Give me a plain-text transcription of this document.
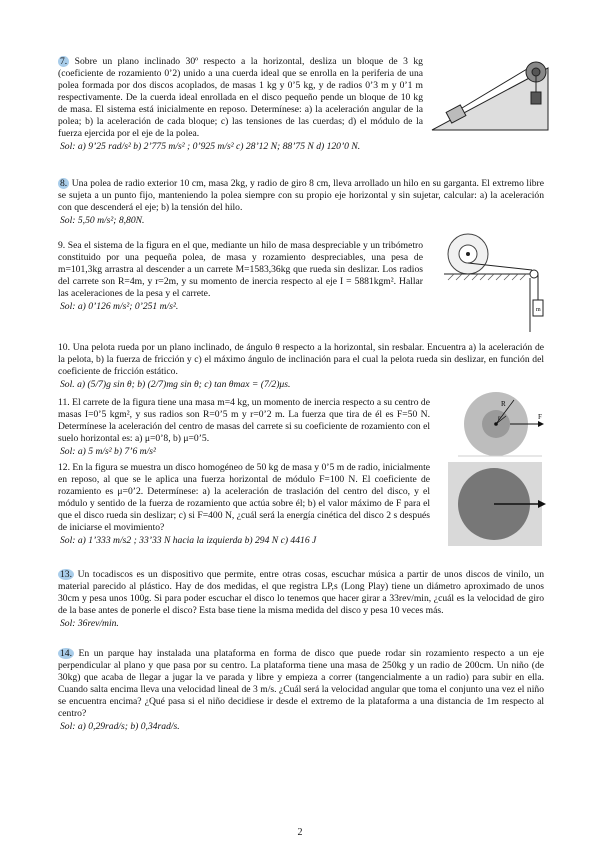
7. Sobre un plano inclinado 30º respecto a la horizontal, desliza un bloque de 3 kg (coeficiente de rozamiento 0’2) unido a una cuerda ideal que se enrolla en la periferia de una polea formada por dos discos acoplados, de masas 1 kg y 0’5 kg, y de radios 0’3 m y 0’1 m respectivamente. De la cuerda ideal enrollada en el disco pequeño pende un bloque de 10 kg de masa. El sistema está inicialmente en reposo. Determínese: a) la aceleración angular de la polea; b) la aceleración de cada bloque; c) las tensiones de las cuerdas; d) el módulo de la fuerza ejercida por el eje de la polea.

Sol: a) 9’25 rad/s² b) 2’775 m/s² ; 0’925 m/s² c) 28’12 N; 88’75 N d) 120’0 N.

8. Una polea de radio exterior 10 cm, masa 2kg, y radio de giro 8 cm, lleva arrollado un hilo en su garganta. El extremo libre se sujeta a un punto fijo, manteniendo la polea siempre con su propio eje horizontal y sin sujetar, calcular: a) la aceleración con que descenderá el eje; b) la tensión del hilo.

Sol: 5,50 m/s²; 8,80N.

9. Sea el sistema de la figura en el que, mediante un hilo de masa despreciable y un tribómetro constituido por una pequeña polea, de masa y rozamiento despreciables, una pesa de m=101,3kg arrastra al descender a un carrete M=1583,36kg que rueda sin deslizar. Los radios del carrete son R=4m, y r=2m, y su momento de inercia respecto al eje I = 5881kgm². Hallar las aceleraciones de la pesa y el carrete.

Sol: a) 0’126 m/s²; 0’251 m/s².	m

10. Una pelota rueda por un plano inclinado, de ángulo θ respecto a la horizontal, sin resbalar. Encuentra a) la aceleración de la pelota, b) la fuerza de fricción y c) el máximo ángulo de inclinación para el cual la pelota rueda sin deslizar, en función del coeficiente de fricción estático.

Sol. a) (5/7)g sin θ; b) (2/7)mg sin θ; c) tan θmax = (7/2)μs.

11. El carrete de la figura tiene una masa m=4 kg, un momento de inercia respecto a su centro de masas I=0’5 kgm², y sus radios son R=0’5 m y r=0’2 m. La fuerza que tira de él es F=50 N. Determínese la aceleración del centro de masas del carrete si su coeficiente de rozamiento con el suelo horizontal es: a) μ=0’8, b) μ=0’5.

Sol: a) 5 m/s² b) 7’6 m/s²

R
r	F

12. En la figura se muestra un disco homogéneo de 50 kg de masa y 0’5 m de radio, inicialmente en reposo, al que se le aplica una fuerza horizontal de módulo F=100 N. El coeficiente de rozamiento es μ=0’2. Determínese: a) la aceleración de traslación del centro del disco, y el módulo y sentido de la fuerza de rozamiento que actúa sobre él; b) el valor máximo de F para el que el disco rueda sin deslizar; c) si F=400 N, ¿cuál será la energía cinética del disco 2 s después de iniciarse el movimiento?

Sol: a) 1’333 m/s2 ; 33’33 N hacia la izquierda b) 294 N c) 4416 J

13. Un tocadiscos es un dispositivo que permite, entre otras cosas, escuchar música a partir de unos discos de vinilo, un material parecido al plástico. Hay de dos medidas, el que registra LP,s (Long Play) tiene un diámetro aproximado de unos 30cm y pesa unos 100g. Si para poder escuchar el disco lo tenemos que hacer girar a 33rev/min, ¿cuál es la velocidad de giro de la base antes de ponerle el disco? Esta base tiene la misma medida del disco y pesa 10 veces más.

Sol: 36rev/min.

14. En un parque hay instalada una plataforma en forma de disco que puede rodar sin rozamiento respecto a un eje perpendicular al plano y que pasa por su centro. La plataforma tiene una masa de 250kg y un radio de 200cm. Un niño (de 30kg) que acaba de llegar a jugar la ve parada y libre y empieza a correr (tangencialmente a un radio) para subir en ella. Cuando salta encima lleva una velocidad lineal de 3 m/s. ¿Cuál será la velocidad angular que toma el conjunto una vez el niño se encuentra encima? ¿Qué pasa si el niño decidiese ir desde el extremo de la plataforma a una distancia de 1m respecto al centro?

Sol: a) 0,29rad/s; b) 0,34rad/s.

2
